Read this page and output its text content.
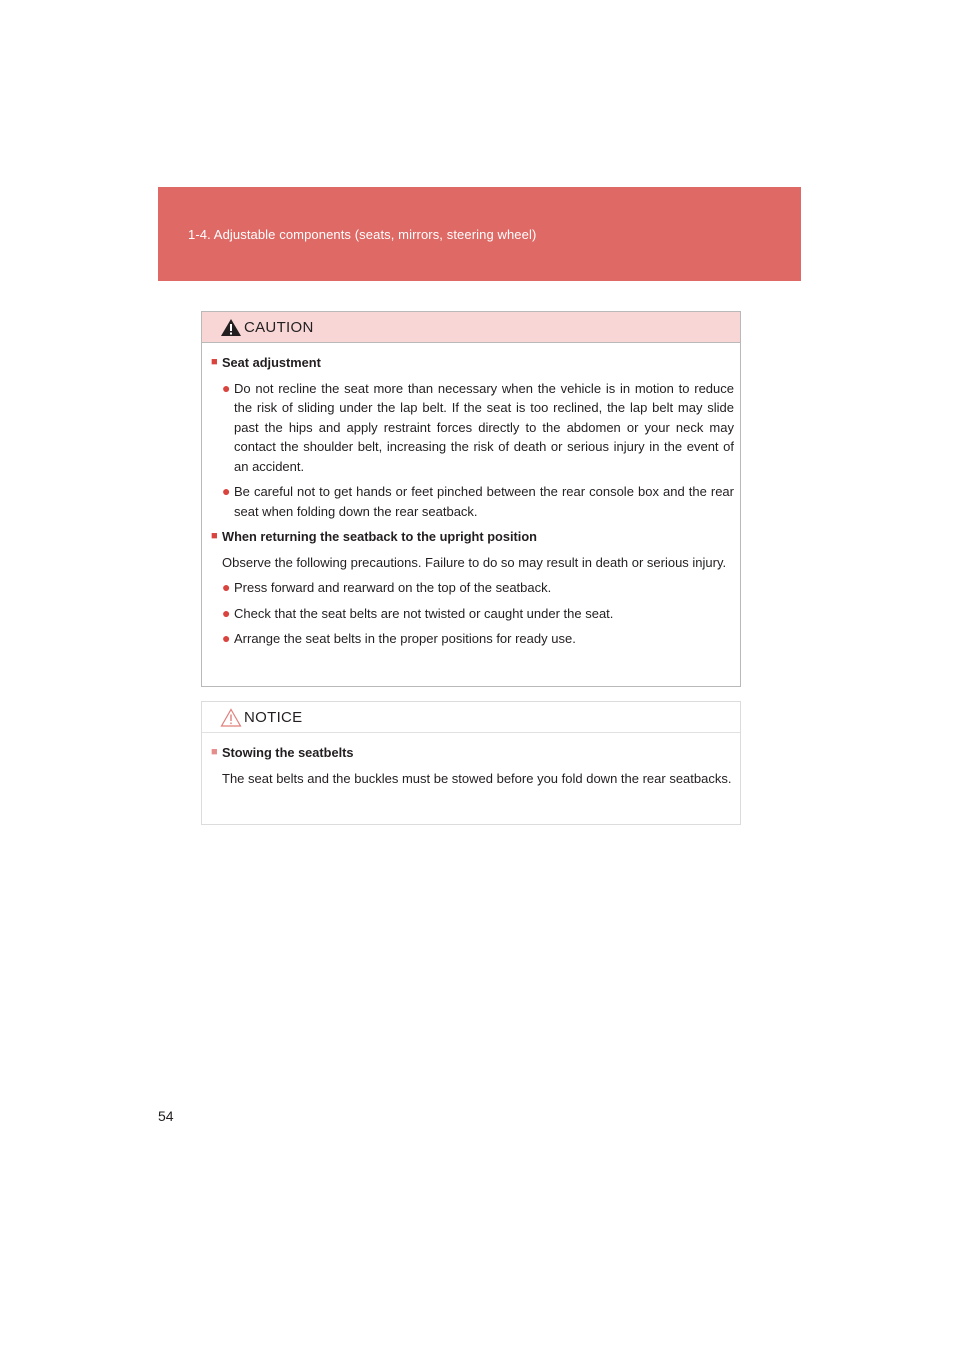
1-4. Adjustable components (seats, mirrors, steering wheel)
CAUTION
■ Seat adjustment
● Do not recline the seat more than necessary when the vehicle is in motion to reduce the risk of sliding under the lap belt. If the seat is too reclined, the lap belt may slide past the hips and apply restraint forces directly to the abdomen or your neck may contact the shoulder belt, increasing the risk of death or serious injury in the event of an accident.
● Be careful not to get hands or feet pinched between the rear console box and the rear seat when folding down the rear seatback.
■ When returning the seatback to the upright position
Observe the following precautions. Failure to do so may result in death or serious injury.
● Press forward and rearward on the top of the seatback.
● Check that the seat belts are not twisted or caught under the seat.
● Arrange the seat belts in the proper positions for ready use.
NOTICE
■ Stowing the seatbelts
The seat belts and the buckles must be stowed before you fold down the rear seatbacks.
54
